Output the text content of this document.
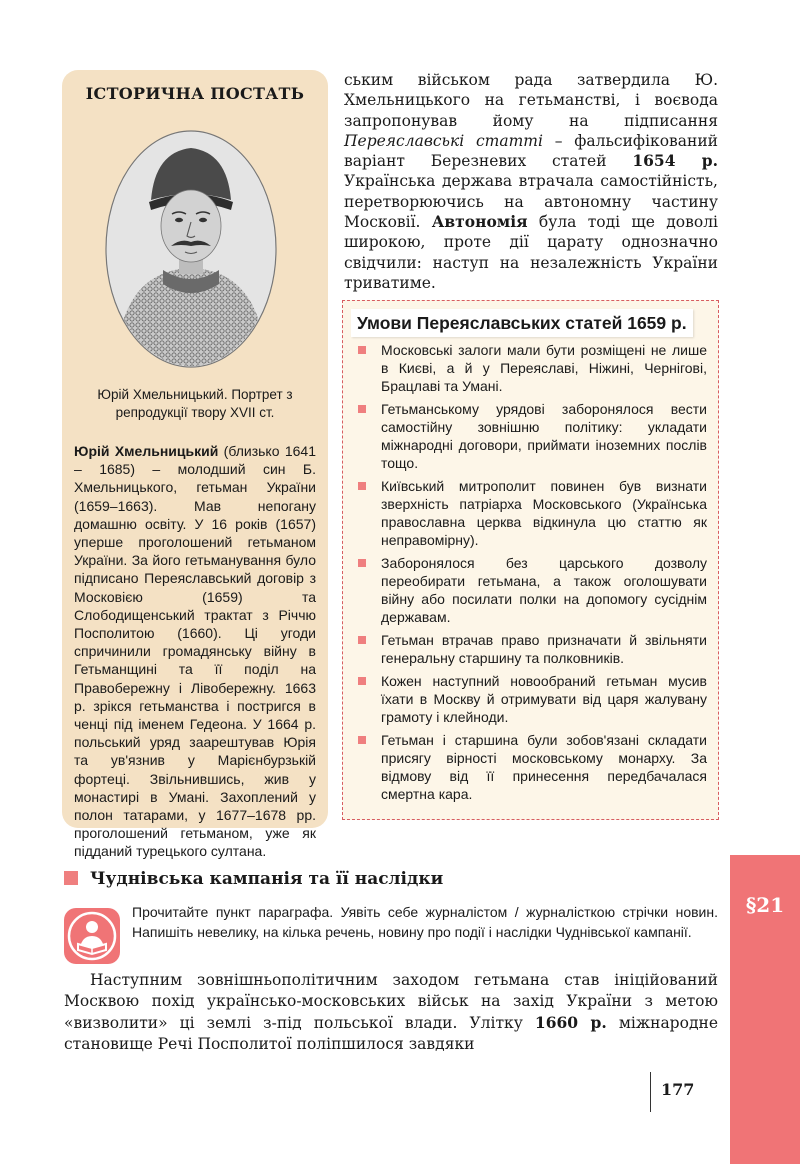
ІСТОРИЧНА ПОСТАТЬ
Юрій Хмельницький. Портрет з репродукції твору XVII ст.
Юрій Хмельницький (близько 1641 – 1685) – молодший син Б. Хмельницького, гетьман України (1659–1663). Мав непогану домашню освіту. У 16 років (1657) уперше проголошений гетьманом України. За його гетьманування було підписано Переяславський договір з Московією (1659) та Слободищенський трактат з Річчю Посполитою (1660). Ці угоди спричинили громадянську війну в Гетьманщині та її поділ на Правобережну і Лівобережну. 1663 р. зрікся гетьманства і постригся в ченці під іменем Гедеона. У 1664 р. польський уряд заарештував Юрія та ув'язнив у Марієнбурзькій фортеці. Звільнившись, жив у монастирі в Умані. Захоплений у полон татарами, у 1677–1678 рр. проголошений гетьманом, уже як підданий турецького султана.
ським військом рада затвердила Ю. Хмельницького на гетьманстві, і воєвода запропонував йому на підписання Переяславські статті – фальсифікований варіант Березневих статей 1654 р. Українська держава втрачала самостійність, перетворюючись на автономну частину Московії. Автономія була тоді ще доволі широкою, проте дії царату однозначно свідчили: наступ на незалежність України триватиме.
Умови Переяславських статей 1659 р.
Московські залоги мали бути розміщені не лише в Києві, а й у Переяславі, Ніжині, Чернігові, Брацлаві та Умані.
Гетьманському урядові заборонялося вести самостійну зовнішню політику: укладати міжнародні договори, приймати іноземних послів тощо.
Київський митрополит повинен був визнати зверхність патріарха Московського (Українська православна церква відкинула цю статтю як неправомірну).
Заборонялося без царського дозволу переобирати гетьмана, а також оголошувати війну або посилати полки на допомогу сусіднім державам.
Гетьман втрачав право призначати й звільняти генеральну старшину та полковників.
Кожен наступний новообраний гетьман мусив їхати в Москву й отримувати від царя жалувану грамоту і клейноди.
Гетьман і старшина були зобов'язані складати присягу вірності московському монарху. За відмову від її принесення передбачалася смертна кара.
Чуднівська кампанія та її наслідки
Прочитайте пункт параграфа. Уявіть себе журналістом / журналісткою стрічки новин. Напишіть невелику, на кілька речень, новину про події і наслідки Чуднівської кампанії.
Наступним зовнішньополітичним заходом гетьмана став ініційований Москвою похід українсько-московських військ на захід України з метою «визволити» ці землі з-під польської влади. Улітку 1660 р. міжнародне становище Речі Посполитої поліпшилося завдяки
177
§21
